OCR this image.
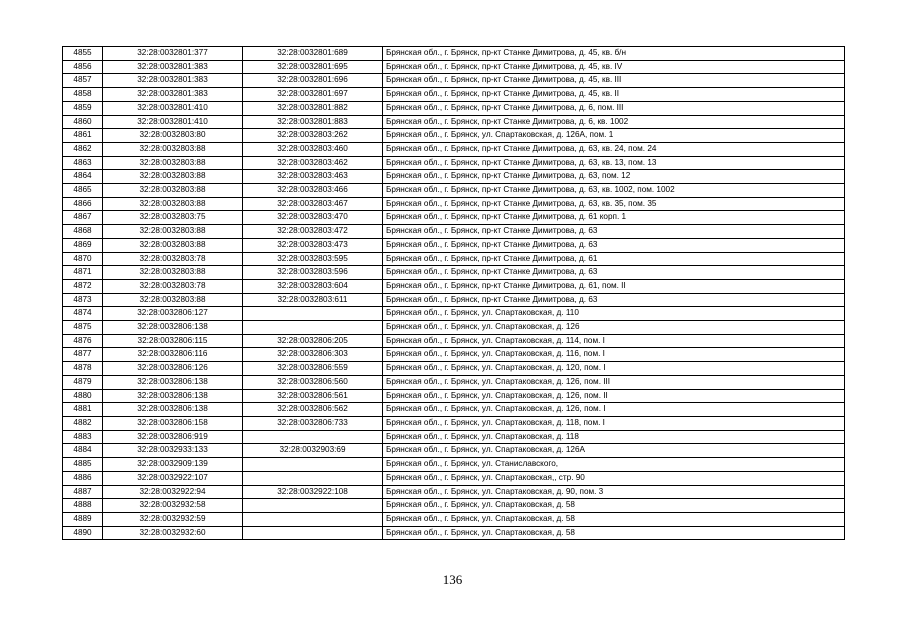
4855	32:28:0032801:377	32:28:0032801:689	Брянская обл., г. Брянск, пр-кт Станке Димитрова, д. 45, кв. б/н
4856	32:28:0032801:383	32:28:0032801:695	Брянская обл., г. Брянск, пр-кт Станке Димитрова, д. 45, кв. IV
4857	32:28:0032801:383	32:28:0032801:696	Брянская обл., г. Брянск, пр-кт Станке Димитрова, д. 45, кв. III
4858	32:28:0032801:383	32:28:0032801:697	Брянская обл., г. Брянск, пр-кт Станке Димитрова, д. 45, кв. II
4859	32:28:0032801:410	32:28:0032801:882	Брянская обл., г. Брянск, пр-кт Станке Димитрова, д. 6, пом. III
4860	32:28:0032801:410	32:28:0032801:883	Брянская обл., г. Брянск, пр-кт Станке Димитрова, д. 6, кв. 1002
4861	32:28:0032803:80	32:28:0032803:262	Брянская обл., г. Брянск, ул. Спартаковская, д. 126А, пом. 1
4862	32:28:0032803:88	32:28:0032803:460	Брянская обл., г. Брянск, пр-кт Станке Димитрова, д. 63, кв. 24, пом. 24
4863	32:28:0032803:88	32:28:0032803:462	Брянская обл., г. Брянск, пр-кт Станке Димитрова, д. 63, кв. 13, пом. 13
4864	32:28:0032803:88	32:28:0032803:463	Брянская обл., г. Брянск, пр-кт Станке Димитрова, д. 63, пом. 12
4865	32:28:0032803:88	32:28:0032803:466	Брянская обл., г. Брянск, пр-кт Станке Димитрова, д. 63, кв. 1002, пом. 1002
4866	32:28:0032803:88	32:28:0032803:467	Брянская обл., г. Брянск, пр-кт Станке Димитрова, д. 63, кв. 35, пом. 35
4867	32:28:0032803:75	32:28:0032803:470	Брянская обл., г. Брянск, пр-кт Станке Димитрова, д. 61 корп. 1
4868	32:28:0032803:88	32:28:0032803:472	Брянская обл., г. Брянск, пр-кт Станке Димитрова, д. 63
4869	32:28:0032803:88	32:28:0032803:473	Брянская обл., г. Брянск, пр-кт Станке Димитрова, д. 63
4870	32:28:0032803:78	32:28:0032803:595	Брянская обл., г. Брянск, пр-кт Станке Димитрова, д. 61
4871	32:28:0032803:88	32:28:0032803:596	Брянская обл., г. Брянск, пр-кт Станке Димитрова, д. 63
4872	32:28:0032803:78	32:28:0032803:604	Брянская обл., г. Брянск, пр-кт Станке Димитрова, д. 61, пом. II
4873	32:28:0032803:88	32:28:0032803:611	Брянская обл., г. Брянск, пр-кт Станке Димитрова, д. 63
4874	32:28:0032806:127		Брянская обл., г. Брянск, ул. Спартаковская, д. 110
4875	32:28:0032806:138		Брянская обл., г. Брянск, ул. Спартаковская, д. 126
4876	32:28:0032806:115	32:28:0032806:205	Брянская обл., г. Брянск, ул. Спартаковская, д. 114, пом. I
4877	32:28:0032806:116	32:28:0032806:303	Брянская обл., г. Брянск, ул. Спартаковская, д. 116, пом. I
4878	32:28:0032806:126	32:28:0032806:559	Брянская обл., г. Брянск, ул. Спартаковская, д. 120, пом. I
4879	32:28:0032806:138	32:28:0032806:560	Брянская обл., г. Брянск, ул. Спартаковская, д. 126, пом. III
4880	32:28:0032806:138	32:28:0032806:561	Брянская обл., г. Брянск, ул. Спартаковская, д. 126, пом. II
4881	32:28:0032806:138	32:28:0032806:562	Брянская обл., г. Брянск, ул. Спартаковская, д. 126, пом. I
4882	32:28:0032806:158	32:28:0032806:733	Брянская обл., г. Брянск, ул. Спартаковская, д. 118, пом. I
4883	32:28:0032806:919		Брянская обл., г. Брянск, ул. Спартаковская, д. 118
4884	32:28:0032933:133	32:28:0032903:69	Брянская обл., г. Брянск, ул. Спартаковская, д. 126А
4885	32:28:0032909:139		Брянская обл., г. Брянск, ул. Станиславского,
4886	32:28:0032922:107		Брянская обл., г. Брянск, ул. Спартаковская,, стр. 90
4887	32:28:0032922:94	32:28:0032922:108	Брянская обл., г. Брянск, ул. Спартаковская, д. 90, пом. 3
4888	32:28:0032932:58		Брянская обл., г. Брянск, ул. Спартаковская, д. 58
4889	32:28:0032932:59		Брянская обл., г. Брянск, ул. Спартаковская, д. 58
4890	32:28:0032932:60		Брянская обл., г. Брянск, ул. Спартаковская, д. 58
136
